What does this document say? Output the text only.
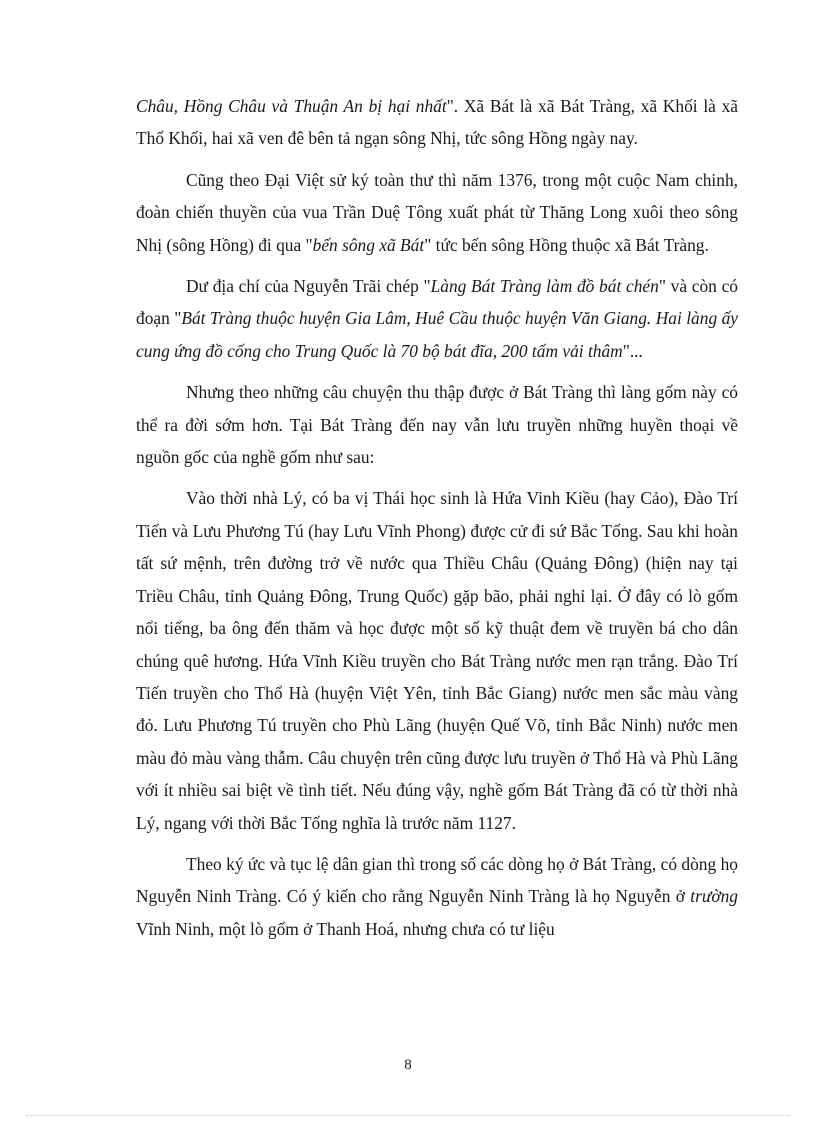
Châu, Hồng Châu và Thuận An bị hại nhất". Xã Bát là xã Bát Tràng, xã Khối là xã Thổ Khối, hai xã ven đê bên tả ngạn sông Nhị, tức sông Hồng ngày nay.

Cũng theo Đại Việt sử ký toàn thư thì năm 1376, trong một cuộc Nam chinh, đoàn chiến thuyền của vua Trần Duệ Tông xuất phát từ Thăng Long xuôi theo sông Nhị (sông Hồng) đi qua "bến sông xã Bát" tức bến sông Hồng thuộc xã Bát Tràng.

Dư địa chí của Nguyễn Trãi chép "Làng Bát Tràng làm đồ bát chén" và còn có đoạn "Bát Tràng thuộc huyện Gia Lâm, Huê Cầu thuộc huyện Văn Giang. Hai làng ấy cung ứng đồ cống cho Trung Quốc là 70 bộ bát đĩa, 200 tấm vải thâm"...

Nhưng theo những câu chuyện thu thập được ở Bát Tràng thì làng gốm này có thể ra đời sớm hơn. Tại Bát Tràng đến nay vẫn lưu truyền những huyền thoại về nguồn gốc của nghề gốm như sau:

Vào thời nhà Lý, có ba vị Thái học sinh là Hứa Vinh Kiều (hay Cảo), Đào Trí Tiến và Lưu Phương Tú (hay Lưu Vĩnh Phong) được cử đi sứ Bắc Tống. Sau khi hoàn tất sứ mệnh, trên đường trở về nước qua Thiều Châu (Quảng Đông) (hiện nay tại Triều Châu, tỉnh Quảng Đông, Trung Quốc) gặp bão, phải nghỉ lại. Ở đây có lò gốm nổi tiếng, ba ông đến thăm và học được một số kỹ thuật đem về truyền bá cho dân chúng quê hương. Hứa Vĩnh Kiều truyền cho Bát Tràng nước men rạn trắng. Đào Trí Tiến truyền cho Thổ Hà (huyện Việt Yên, tỉnh Bắc Giang) nước men sắc màu vàng đỏ. Lưu Phương Tú truyền cho Phù Lãng (huyện Quế Võ, tỉnh Bắc Ninh) nước men màu đỏ màu vàng thẫm. Câu chuyện trên cũng được lưu truyền ở Thổ Hà và Phù Lãng với ít nhiều sai biệt về tình tiết. Nếu đúng vậy, nghề gốm Bát Tràng đã có từ thời nhà Lý, ngang với thời Bắc Tống nghĩa là trước năm 1127.

Theo ký ức và tục lệ dân gian thì trong số các dòng họ ở Bát Tràng, có dòng họ Nguyễn Ninh Tràng. Có ý kiến cho rằng Nguyễn Ninh Tràng là họ Nguyễn ở trường Vĩnh Ninh, một lò gốm ở Thanh Hoá, nhưng chưa có tư liệu

8
